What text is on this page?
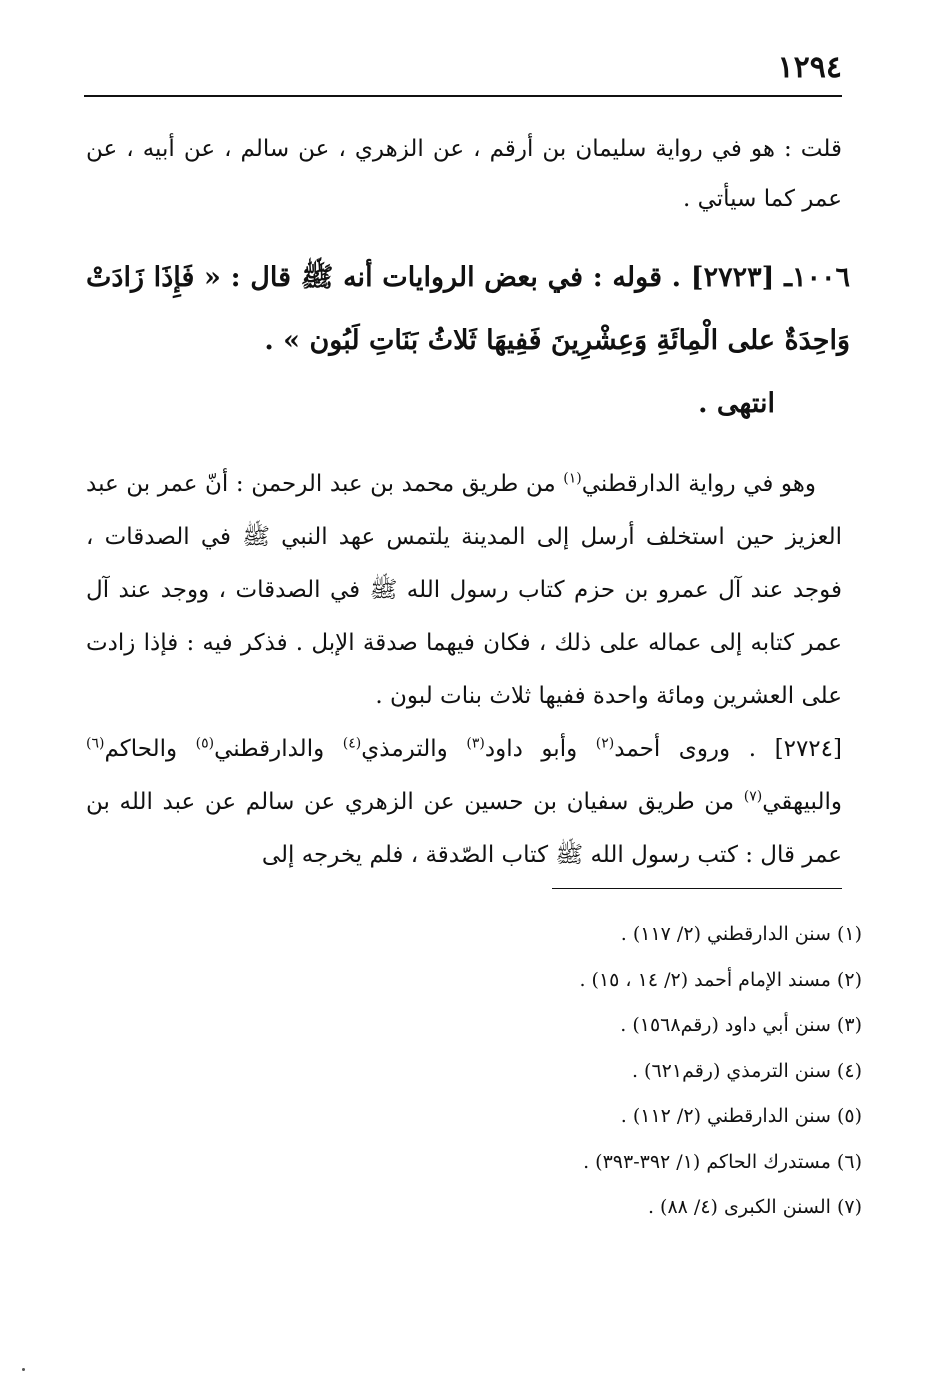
١٢٩٤

قلت : هو في رواية سليمان بن أرقم ، عن الزهري ، عن سالم ، عن أبيه ، عن عمر كما سيأتي .

١٠٠٦ـ [٢٧٢٣] . قوله : في بعض الروايات أنه ﷺ قال : « فَإِذَا زَادَتْ وَاحِدَةٌ على الْمِائَةِ وَعِشْرِينَ فَفِيهَا ثَلاثُ بَنَاتِ لَبُون » .

انتهى .

وهو في رواية الدارقطني$^{(١)}$ من طريق محمد بن عبد الرحمن : أنّ عمر بن عبد العزيز حين استخلف أرسل إلى المدينة يلتمس عهد النبي ﷺ في الصدقات ، فوجد عند آل عمرو بن حزم كتاب رسول الله ﷺ في الصدقات ، ووجد عند آل عمر كتابه إلى عماله على ذلك ، فكان فيهما صدقة الإبل . فذكر فيه : فإذا زادت على العشرين ومائة واحدة ففيها ثلاث بنات لبون .

[٢٧٢٤] . وروى أحمد$^{(٢)}$ وأبو داود$^{(٣)}$ والترمذي$^{(٤)}$ والدارقطني$^{(٥)}$ والحاكم$^{(٦)}$ والبيهقي$^{(٧)}$ من طريق سفيان بن حسين عن الزهري عن سالم عن عبد الله بن عمر قال : كتب رسول الله ﷺ كتاب الصّدقة ، فلم يخرجه إلى

(١) سنن الدارقطني (٢/ ١١٧) .
(٢) مسند الإمام أحمد (٢/ ١٤ ، ١٥) .
(٣) سنن أبي داود (رقم١٥٦٨) .
(٤) سنن الترمذي (رقم٦٢١) .
(٥) سنن الدارقطني (٢/ ١١٢) .
(٦) مستدرك الحاكم (١/ ٣٩٢-٣٩٣) .
(٧) السنن الكبرى (٤/ ٨٨) .
